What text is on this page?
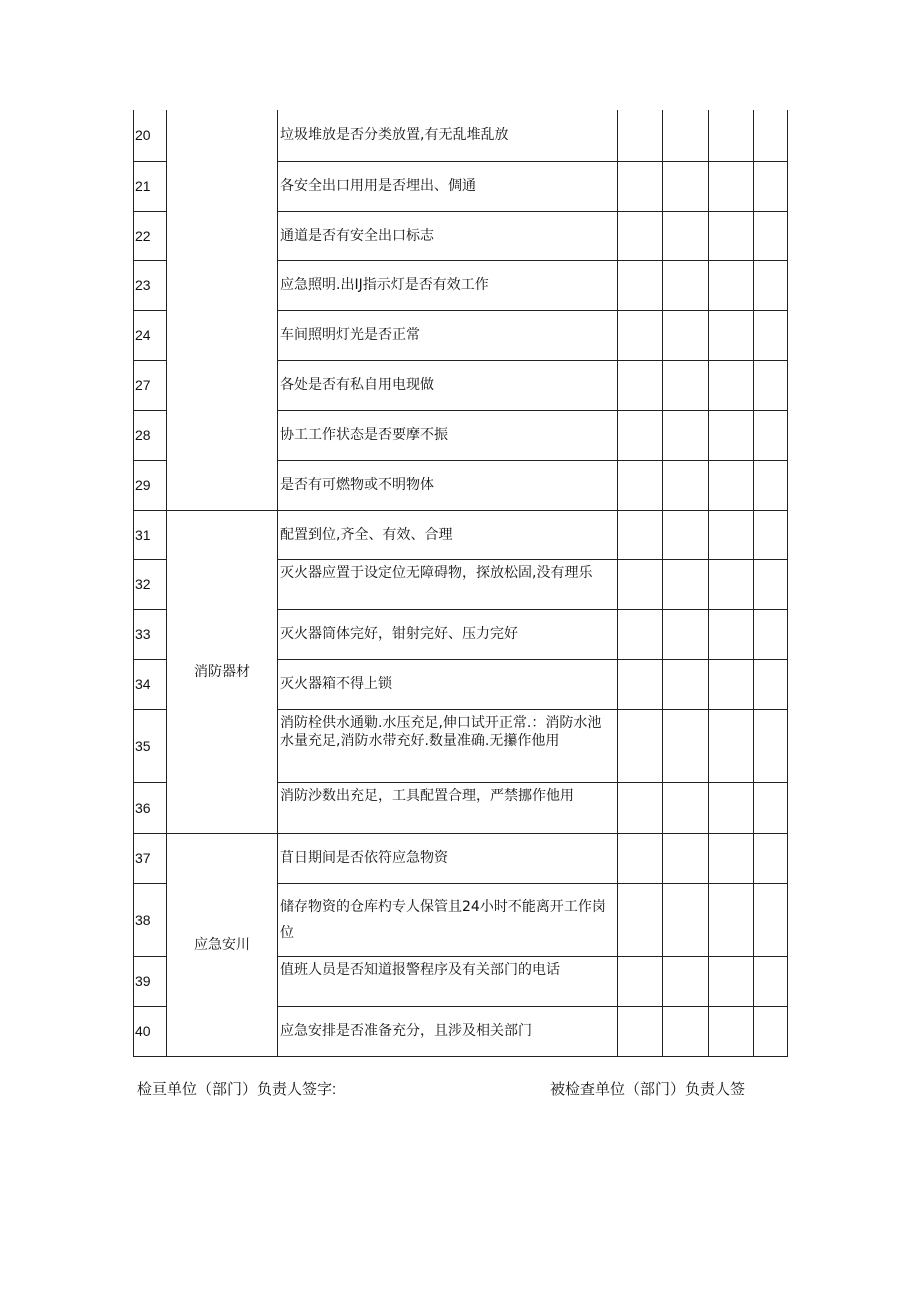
20		垃圾堆放是否分类放置,有无乱堆乱放				

21		各安全出口用用是否埋出、倜通				

22		通道是否有安全出口标志				

23		应急照明.出IJ指示灯是否有效工作				

24		车间照明灯光是否正常				

27		各处是否有私自用电现做				

28		协工工作状态是否要摩不振				

29		是否有可燃物或不明物体				

31	消防器材	配置到位,齐全、有效、合理				

32		灭火器应置于设定位无障碍物，探放松固,没有理乐				

33		灭火器筒体完好，钳射完好、压力完好				

34		灭火器箱不得上锁				

35		消防栓供水通勦.水压充足,伸口试开正常.：消防水池水量充足,消防水带充好.数量准确.无攥作他用				

36		消防沙数出充足，工具配置合理，严禁挪作他用				

37	应急安川	苜日期间是否依符应急物资				

38		储存物资的仓库杓专人保管且24小时不能离开工作岗位				

39		值班人员是否知道报警程序及有关部门的电话				

40		应急安排是否准备充分，且涉及相关部门				

检亘单位（部门）负责人签字:	被检查单位（部门）负责人签
